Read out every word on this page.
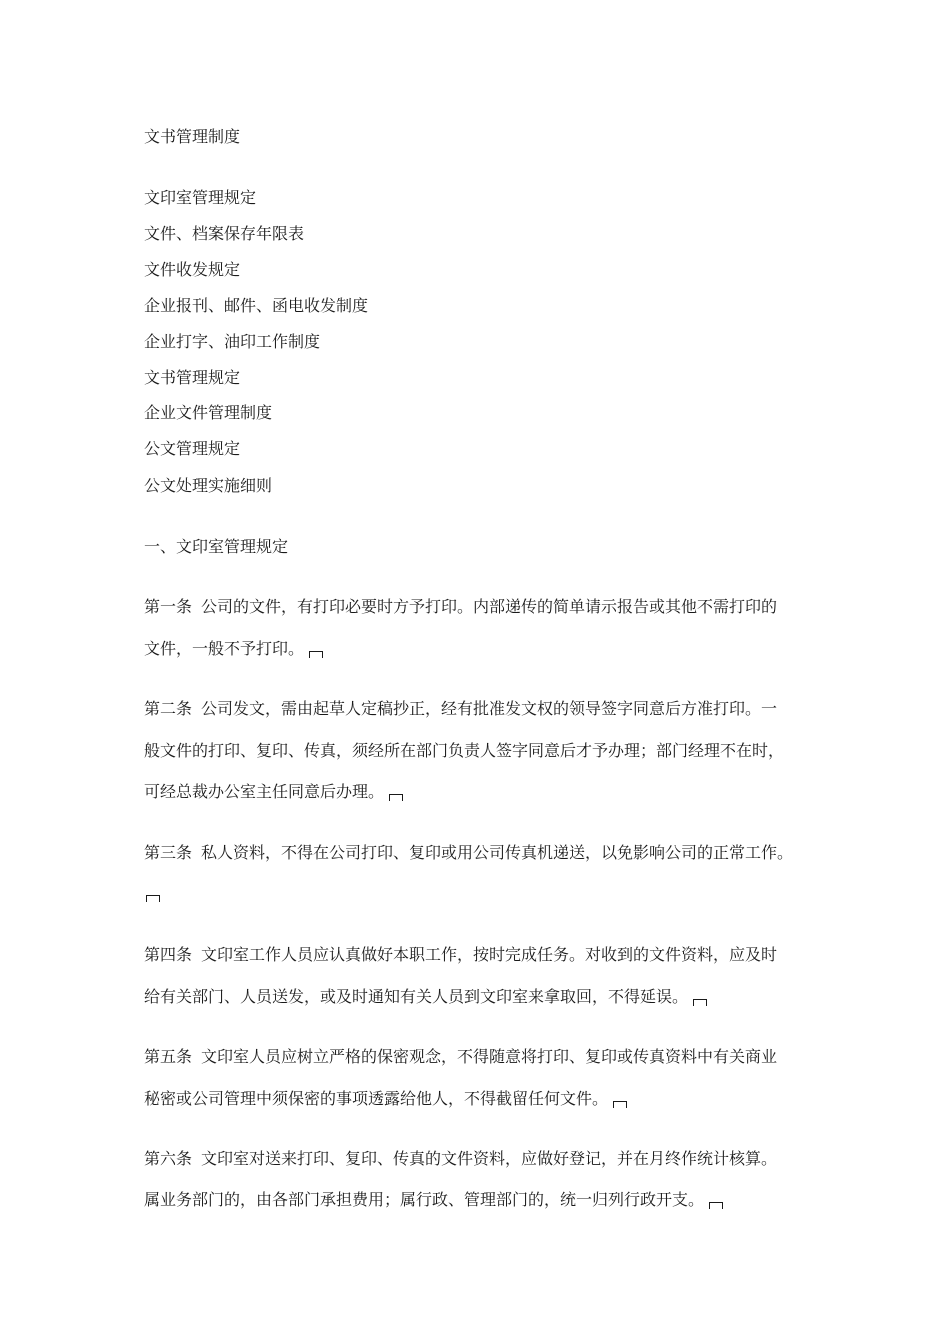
文书管理制度
文印室管理规定
文件、档案保存年限表
文件收发规定
企业报刊、邮件、函电收发制度
企业打字、油印工作制度
文书管理规定
企业文件管理制度
公文管理规定
公文处理实施细则
一、文印室管理规定
第一条 公司的文件，有打印必要时方予打印。内部递传的简单请示报告或其他不需打印的
文件，一般不予打印。
第二条 公司发文，需由起草人定稿抄正，经有批准发文权的领导签字同意后方准打印。一
般文件的打印、复印、传真，须经所在部门负责人签字同意后才予办理；部门经理不在时，
可经总裁办公室主任同意后办理。
第三条 私人资料，不得在公司打印、复印或用公司传真机递送，以免影响公司的正常工作。
第四条 文印室工作人员应认真做好本职工作，按时完成任务。对收到的文件资料，应及时
给有关部门、人员送发，或及时通知有关人员到文印室来拿取回，不得延误。
第五条 文印室人员应树立严格的保密观念，不得随意将打印、复印或传真资料中有关商业
秘密或公司管理中须保密的事项透露给他人，不得截留任何文件。
第六条 文印室对送来打印、复印、传真的文件资料，应做好登记，并在月终作统计核算。
属业务部门的，由各部门承担费用；属行政、管理部门的，统一归列行政开支。
